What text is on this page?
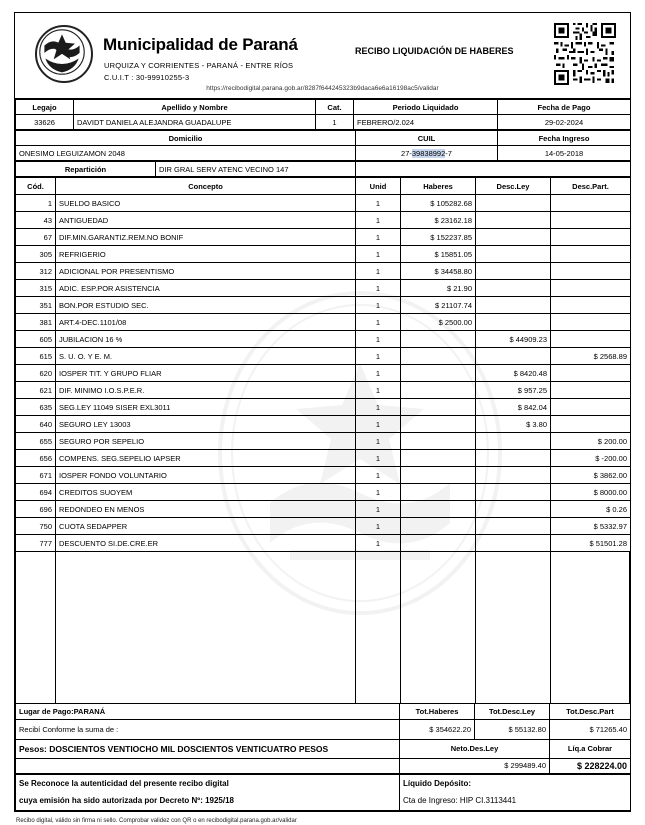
Municipalidad de Paraná
URQUIZA Y CORRIENTES - PARANÁ - ENTRE RÍOS
C.U.I.T : 30-99910255-3
RECIBO LIQUIDACIÓN DE HABERES
https://recibodigital.parana.gob.ar/8287f644245323b9daca6e6a16198ac5/validar
Legajo	Apellido y Nombre	Cat.	Periodo Liquidado	Fecha de Pago
33626	DAVIDT DANIELA ALEJANDRA GUADALUPE	1	FEBRERO/2.024	29-02-2024
Domicilio	CUIL	Fecha Ingreso
ONESIMO LEGUIZAMON 2048	27-39838992-7	14-05-2018
Repartición	DIR GRAL SERV ATENC VECINO 147	
Cód.	Concepto	Unid	Haberes	Desc.Ley	Desc.Part.
1	SUELDO BASICO	1	$ 105282.68		
43	ANTIGUEDAD	1	$ 23162.18		
67	DIF.MIN.GARANTIZ.REM.NO BONIF	1	$ 152237.85		
305	REFRIGERIO	1	$ 15851.05		
312	ADICIONAL POR PRESENTISMO	1	$ 34458.80		
315	ADIC. ESP.POR ASISTENCIA	1	$ 21.90		
351	BON.POR ESTUDIO SEC.	1	$ 21107.74		
381	ART.4-DEC.1101/08	1	$ 2500.00		
605	JUBILACION 16 %	1		$ 44909.23	
615	S. U. O. Y E. M.	1			$ 2568.89
620	IOSPER TIT. Y GRUPO FLIAR	1		$ 8420.48	
621	DIF. MINIMO I.O.S.P.E.R.	1		$ 957.25	
635	SEG.LEY 11049 SISER EXL3011	1		$ 842.04	
640	SEGURO LEY 13003	1		$ 3.80	
655	SEGURO POR SEPELIO	1			$ 200.00
656	COMPENS. SEG.SEPELIO IAPSER	1			$ -200.00
671	IOSPER FONDO VOLUNTARIO	1			$ 3862.00
694	CREDITOS SUOYEM	1			$ 8000.00
696	REDONDEO EN MENOS	1			$ 0.26
750	CUOTA SEDAPPER	1			$ 5332.97
777	DESCUENTO SI.DE.CRE.ER	1			$ 51501.28
Lugar de Pago:PARANÁ	Tot.Haberes	Tot.Desc.Ley	Tot.Desc.Part
Recibí Conforme la suma de :	$ 354622.20	$ 55132.80	$ 71265.40
Pesos: DOSCIENTOS VENTIOCHO MIL DOSCIENTOS VENTICUATRO PESOS	Neto.Des.Ley		Líq.a Cobrar
	$ 299489.40		$ 228224.00
Se Reconoce la autenticidad del presente recibo digital	Líquido Depósito:
cuya emisión ha sido autorizada por Decreto Nº: 1925/18	Cta de Ingreso: HIP CI.3113441
Recibo digital, válido sin firma ni sello. Comprobar validez con QR o en recibodigital.parana.gob.ar/validar
